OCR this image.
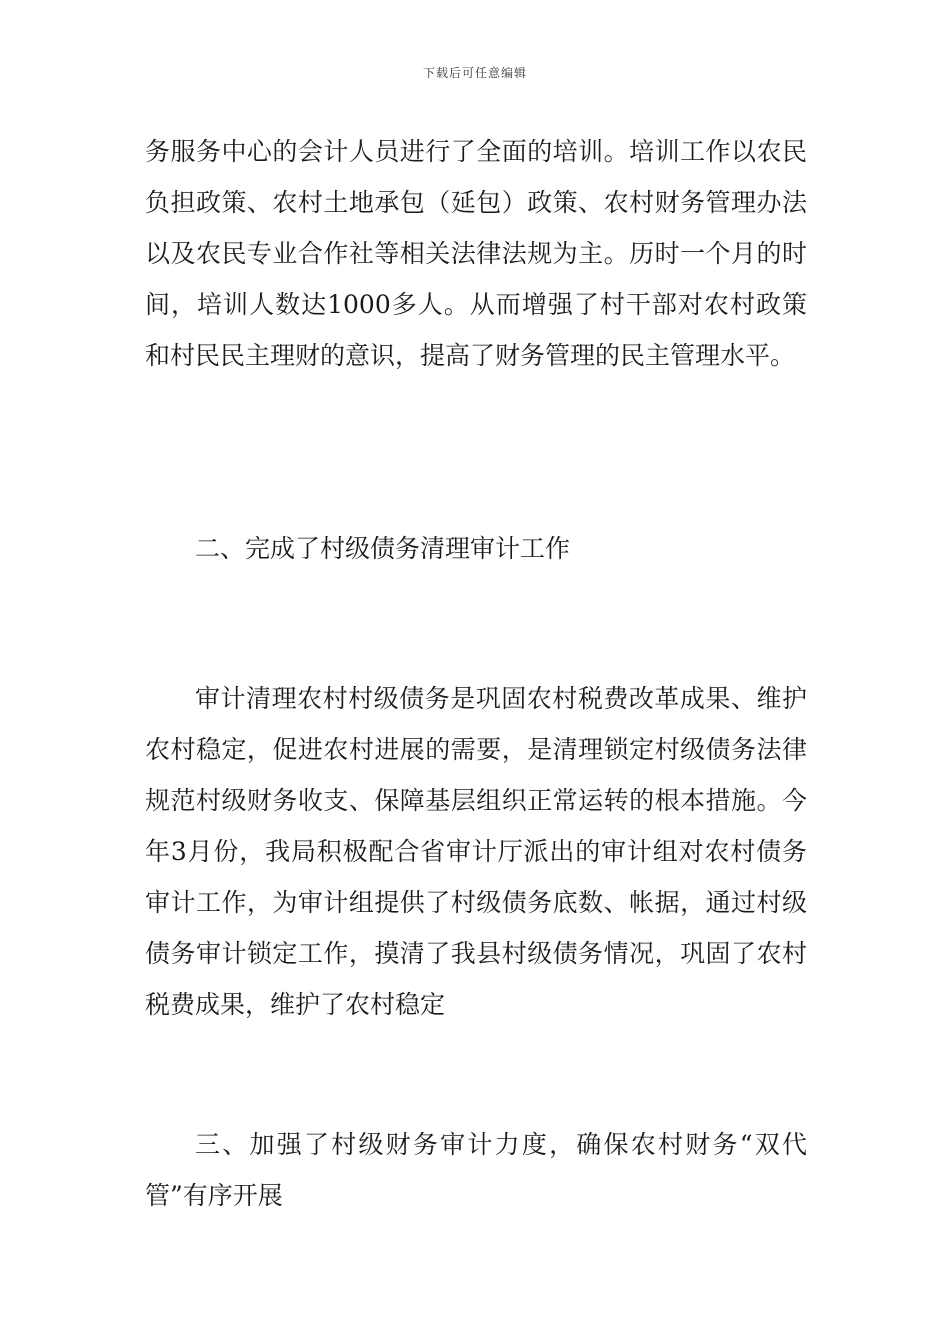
下载后可任意编辑

务服务中心的会计人员进行了全面的培训。培训工作以农民负担政策、农村土地承包（延包）政策、农村财务管理办法以及农民专业合作社等相关法律法规为主。历时一个月的时间，培训人数达1000多人。从而增强了村干部对农村政策和村民民主理财的意识，提高了财务管理的民主管理水平。

二、完成了村级债务清理审计工作

审计清理农村村级债务是巩固农村税费改革成果、维护农村稳定，促进农村进展的需要，是清理锁定村级债务法律规范村级财务收支、保障基层组织正常运转的根本措施。今年3月份，我局积极配合省审计厅派出的审计组对农村债务审计工作，为审计组提供了村级债务底数、帐据，通过村级债务审计锁定工作，摸清了我县村级债务情况，巩固了农村税费成果，维护了农村稳定

三、加强了村级财务审计力度，确保农村财务“双代管”有序开展
